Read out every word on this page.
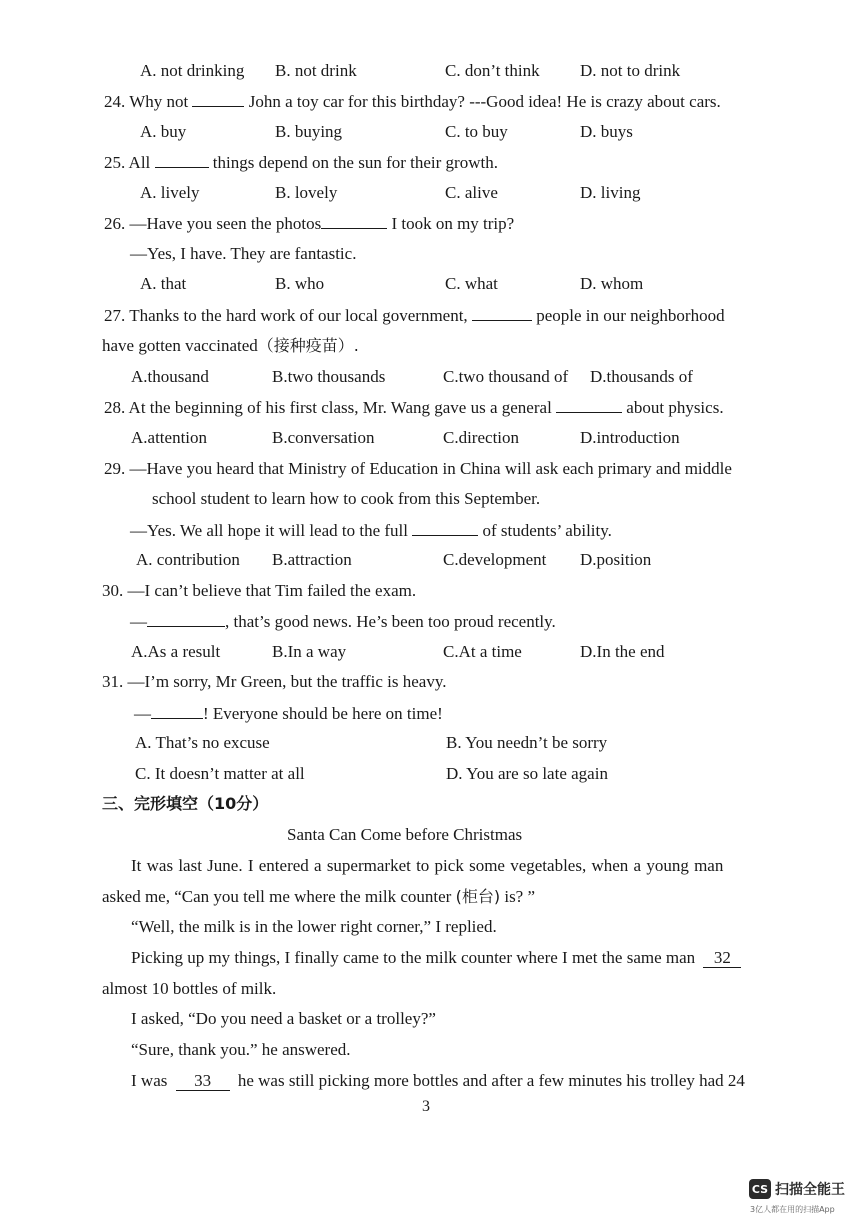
A. not drinking B. not drink	C. don’t think D. not to drink
24. Why not	John a toy car for this birthday? ---Good idea! He is crazy about cars.
A. buy	B. buying	C. to buy	D. buys
25. All	things depend on the sun for their growth.
A. lively	B. lovely	C. alive	D. living
26. —Have you seen the photos	I took on my trip?
—Yes, I have. They are fantastic.
A. that	B. who	C. what	D. whom
27. Thanks to the hard work of our local government,	people in our neighborhood
have gotten vaccinated（接种疫苗）.
A.thousand	B.two thousands	C.two thousand of D.thousands of
28. At the beginning of his first class, Mr. Wang gave us a general	about physics.
A.attention	B.conversation	C.direction	D.introduction
29. —Have you heard that Ministry of Education in China will ask each primary and middle
school student to learn how to cook from this September.
—Yes. We all hope it will lead to the full	of students’ ability.
A. contribution B.attraction	C.development D.position
30. —I can’t believe that Tim failed the exam.
—	, that’s good news. He’s been too proud recently.
A.As a result	B.In a way	C.At a time	D.In the end
31. —I’m sorry, Mr Green, but the traffic is heavy.
—	! Everyone should be here on time!
A. That’s no excuse	B. You needn’t be sorry
C. It doesn’t matter at all	D. You are so late again
三、完形填空（10分）
Santa Can Come before Christmas
It was last June. I entered a supermarket to pick some vegetables, when a young man
asked me, “Can you tell me where the milk counter (柜台) is? ”
“Well, the milk is in the lower right corner,” I replied.
Picking up my things, I finally came to the milk counter where I met the same man 32
almost 10 bottles of milk.
I asked, “Do you need a basket or a trolley?”
“Sure, thank you.” he answered.
I was 33 he was still picking more bottles and after a few minutes his trolley had 24
3
CS 扫描全能王
3亿人都在用的扫描App
